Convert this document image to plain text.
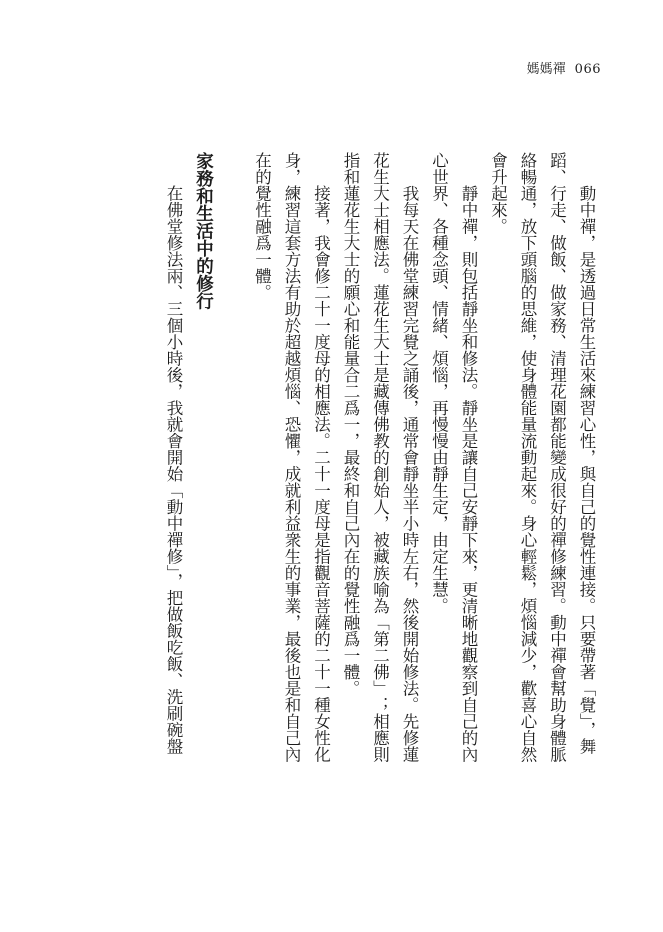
媽媽禪 066

動中禪，是透過日常生活來練習心性，與自己的覺性連接。只要帶著「覺」，舞蹈、行走、做飯、做家務、清理花園都能變成很好的禪修練習。動中禪會幫助身體脈絡暢通，放下頭腦的思維，使身體能量流動起來。身心輕鬆，煩惱減少，歡喜心自然會升起來。

靜中禪，則包括靜坐和修法。靜坐是讓自己安靜下來，更清晰地觀察到自己的內心世界、各種念頭、情緒、煩惱，再慢慢由靜生定，由定生慧。

我每天在佛堂練習完覺之誦後，通常會靜坐半小時左右，然後開始修法。先修蓮花生大士相應法。蓮花生大士是藏傳佛教的創始人，被藏族喻為「第二佛」；相應則指和蓮花生大士的願心和能量合二爲一，最終和自己內在的覺性融爲一體。

接著，我會修二十一度母的相應法。二十一度母是指觀音菩薩的二十一種女性化身，練習這套方法有助於超越煩惱、恐懼，成就利益衆生的事業，最後也是和自己內在的覺性融爲一體。

家務和生活中的修行

在佛堂修法兩、三個小時後，我就會開始「動中禪修」，把做飯吃飯、洗刷碗盤
